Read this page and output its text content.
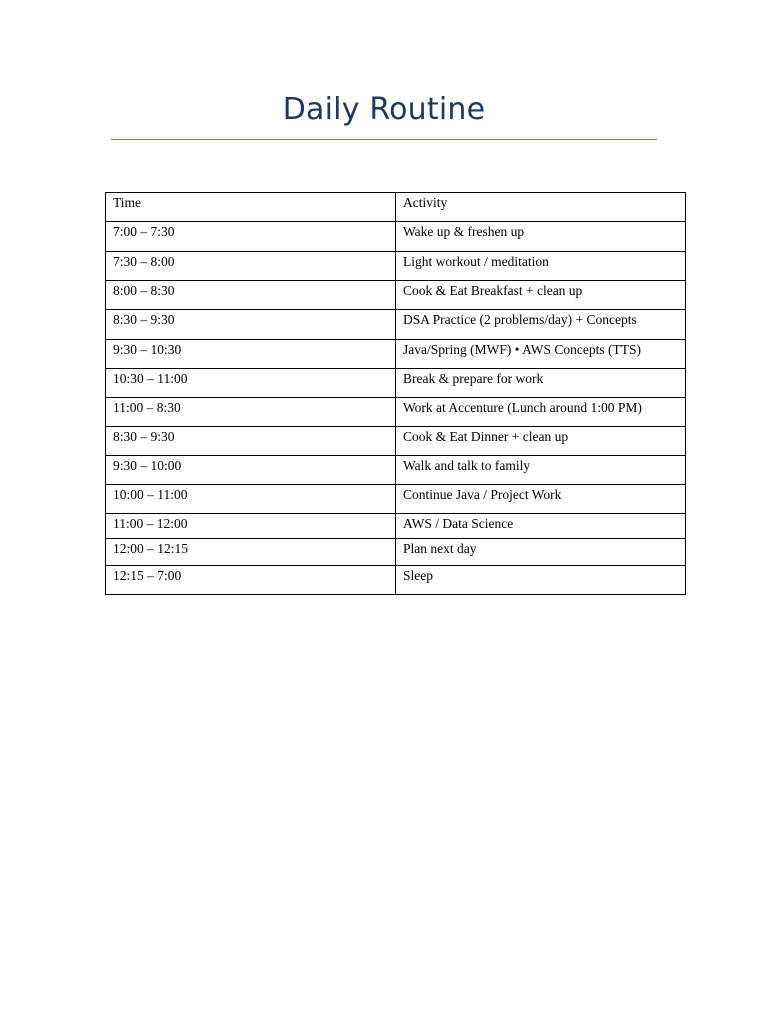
Daily Routine
Time	Activity
7:00 – 7:30	Wake up & freshen up
7:30 – 8:00	Light workout / meditation
8:00 – 8:30	Cook & Eat Breakfast + clean up
8:30 – 9:30	DSA Practice (2 problems/day) + Concepts
9:30 – 10:30	Java/Spring (MWF) • AWS Concepts (TTS)
10:30 – 11:00	Break & prepare for work
11:00 – 8:30	Work at Accenture (Lunch around 1:00 PM)
8:30 – 9:30	Cook & Eat Dinner + clean up
9:30 – 10:00	Walk and talk to family
10:00 – 11:00	Continue Java / Project Work
11:00 – 12:00	AWS / Data Science
12:00 – 12:15	Plan next day
12:15 – 7:00	Sleep
